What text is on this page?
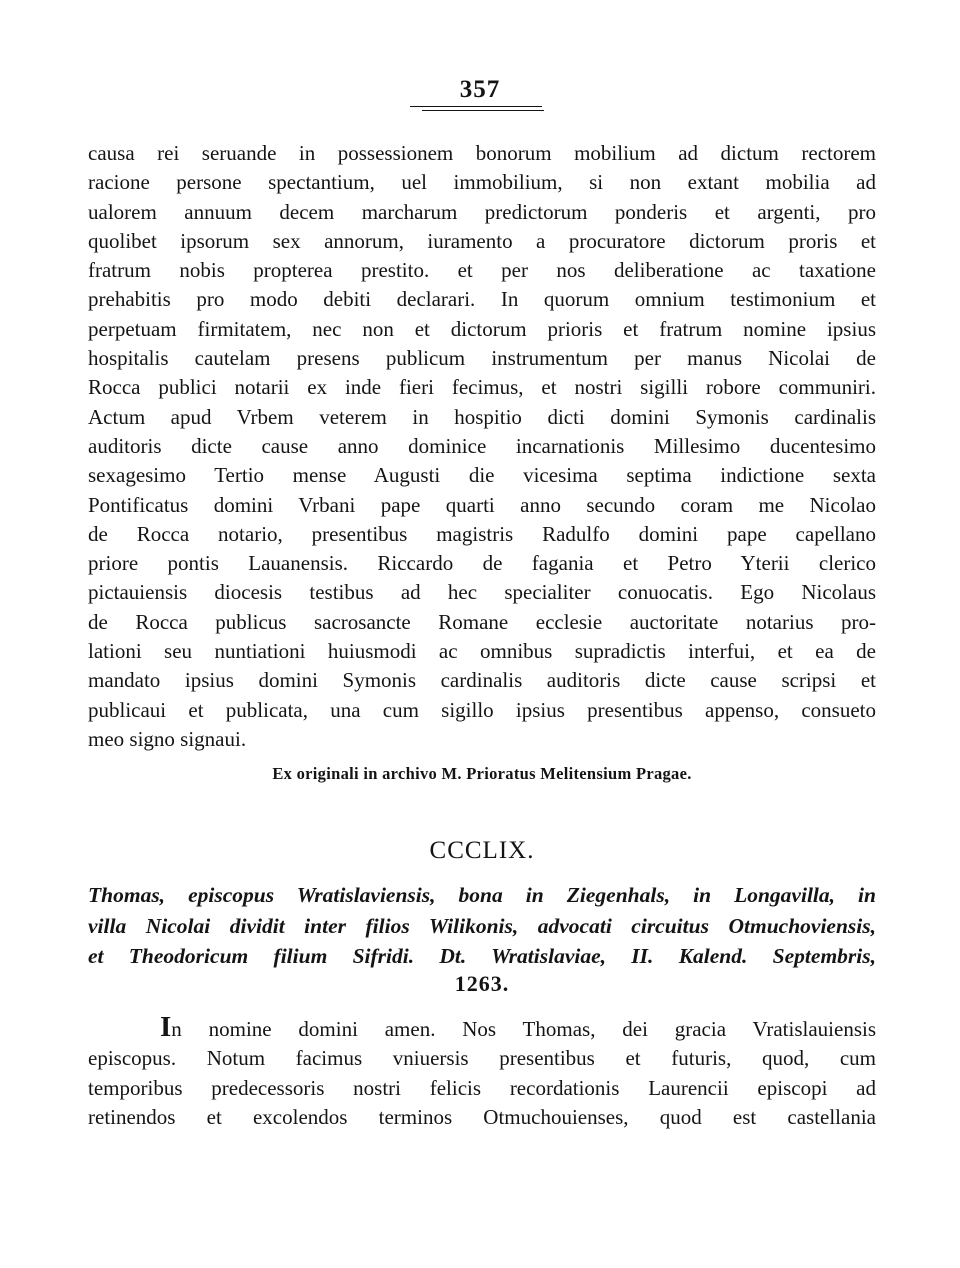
357

causa rei seruande in possessionem bonorum mobilium ad dictum rectorem
racione persone spectantium, uel immobilium, si non extant mobilia ad
ualorem annuum decem marcharum predictorum ponderis et argenti, pro
quolibet ipsorum sex annorum, iuramento a procuratore dictorum proris et
fratrum nobis propterea prestito. et per nos deliberatione ac taxatione
prehabitis pro modo debiti declarari. In quorum omnium testimonium et
perpetuam firmitatem, nec non et dictorum prioris et fratrum nomine ipsius
hospitalis cautelam presens publicum instrumentum per manus Nicolai de
Rocca publici notarii ex inde fieri fecimus, et nostri sigilli robore communiri.
Actum apud Vrbem veterem in hospitio dicti domini Symonis cardinalis
auditoris dicte cause anno dominice incarnationis Millesimo ducentesimo
sexagesimo Tertio mense Augusti die vicesima septima indictione sexta
Pontificatus domini Vrbani pape quarti anno secundo coram me Nicolao
de Rocca notario, presentibus magistris Radulfo domini pape capellano
priore pontis Lauanensis. Riccardo de fagania et Petro Yterii clerico
pictauiensis diocesis testibus ad hec specialiter conuocatis. Ego Nicolaus
de Rocca publicus sacrosancte Romane ecclesie auctoritate notarius pro-
lationi seu nuntiationi huiusmodi ac omnibus supradictis interfui, et ea de
mandato ipsius domini Symonis cardinalis auditoris dicte cause scripsi et
publicaui et publicata, una cum sigillo ipsius presentibus appenso, consueto
meo signo signaui.

Ex originali in archivo M. Prioratus Melitensium Pragae.
CCCLIX.

Thomas, episcopus Wratislaviensis, bona in Ziegenhals, in Longavilla, in
villa Nicolai dividit inter filios Wilikonis, advocati circuitus Otmuchoviensis,
et Theodoricum filium Sifridi. Dt. Wratislaviae, II. Kalend. Septembris,

1263.

In nomine domini amen. Nos Thomas, dei gracia Vratislauiensis
episcopus. Notum facimus vniuersis presentibus et futuris, quod, cum
temporibus predecessoris nostri felicis recordationis Laurencii episcopi ad
retinendos et excolendos terminos Otmuchouienses, quod est castellania
